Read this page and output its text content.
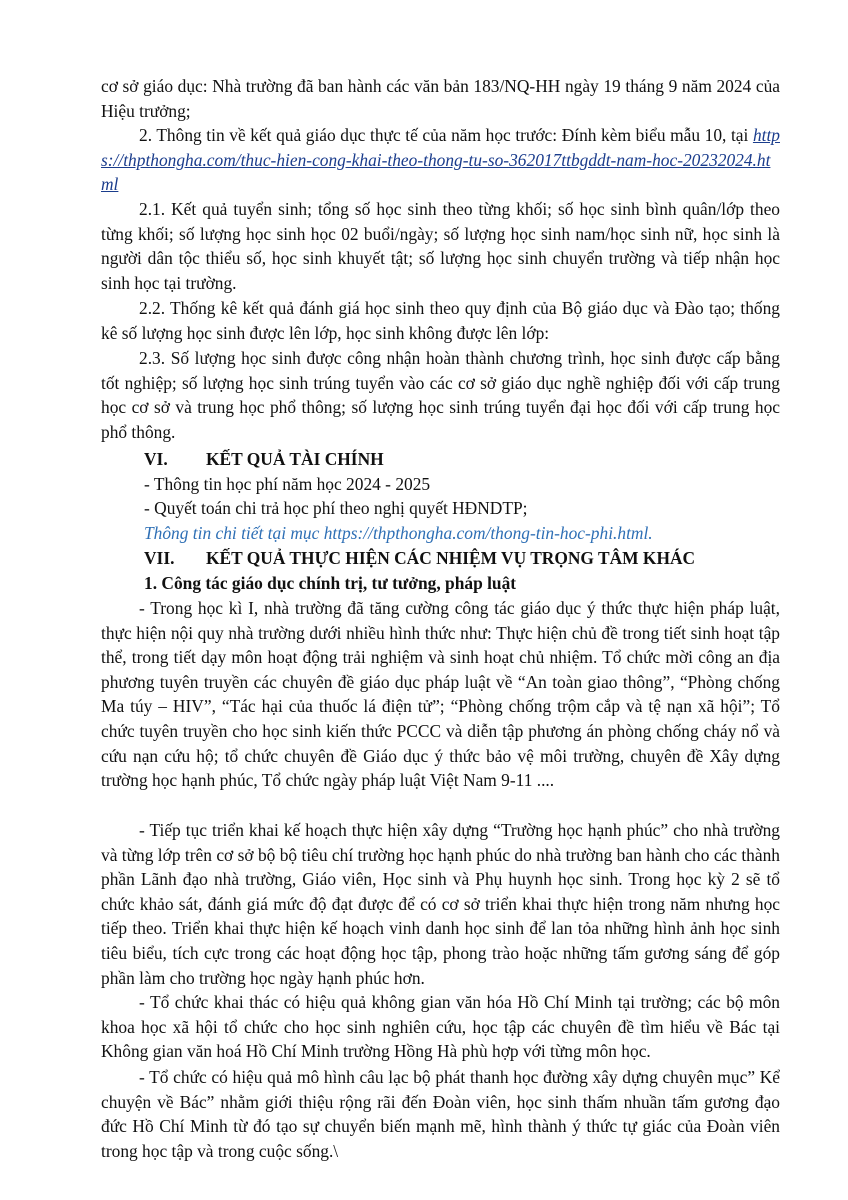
cơ sở giáo dục: Nhà trường đã ban hành các văn bản 183/NQ-HH ngày 19 tháng 9 năm 2024 của Hiệu trưởng;

2. Thông tin về kết quả giáo dục thực tế của năm học trước: Đính kèm biểu mẫu 10, tại https://thpthongha.com/thuc-hien-cong-khai-theo-thong-tu-so-362017ttbgddt-nam-hoc-20232024.html

2.1. Kết quả tuyển sinh; tổng số học sinh theo từng khối; số học sinh bình quân/lớp theo từng khối; số lượng học sinh học 02 buổi/ngày; số lượng học sinh nam/học sinh nữ, học sinh là người dân tộc thiểu số, học sinh khuyết tật; số lượng học sinh chuyển trường và tiếp nhận học sinh học tại trường.

2.2. Thống kê kết quả đánh giá học sinh theo quy định của Bộ giáo dục và Đào tạo; thống kê số lượng học sinh được lên lớp, học sinh không được lên lớp:

2.3. Số lượng học sinh được công nhận hoàn thành chương trình, học sinh được cấp bằng tốt nghiệp; số lượng học sinh trúng tuyển vào các cơ sở giáo dục nghề nghiệp đối với cấp trung học cơ sở và trung học phổ thông; số lượng học sinh trúng tuyển đại học đối với cấp trung học phổ thông.

VI. KẾT QUẢ TÀI CHÍNH
- Thông tin học phí năm học 2024 - 2025
- Quyết toán chi trả học phí theo nghị quyết HĐNDTP;
Thông tin chi tiết tại mục https://thpthongha.com/thong-tin-hoc-phi.html.
VII. KẾT QUẢ THỰC HIỆN CÁC NHIỆM VỤ TRỌNG TÂM KHÁC
1. Công tác giáo dục chính trị, tư tưởng, pháp luật

- Trong học kì I, nhà trường đã tăng cường công tác giáo dục ý thức thực hiện pháp luật, thực hiện nội quy nhà trường dưới nhiều hình thức như: Thực hiện chủ đề trong tiết sinh hoạt tập thể, trong tiết dạy môn hoạt động trải nghiệm và sinh hoạt chủ nhiệm. Tổ chức mời công an địa phương tuyên truyền các chuyên đề giáo dục pháp luật về “An toàn giao thông”, “Phòng chống Ma túy – HIV”, “Tác hại của thuốc lá điện tử”; “Phòng chống trộm cắp và tệ nạn xã hội”; Tổ chức tuyên truyền cho học sinh kiến thức PCCC và diễn tập phương án phòng chống cháy nổ và cứu nạn cứu hộ; tổ chức chuyên đề Giáo dục ý thức bảo vệ môi trường, chuyên đề Xây dựng trường học hạnh phúc, Tổ chức ngày pháp luật Việt Nam 9-11 ....

- Tiếp tục triển khai kế hoạch thực hiện xây dựng “Trường học hạnh phúc” cho nhà trường và từng lớp trên cơ sở bộ bộ tiêu chí trường học hạnh phúc do nhà trường ban hành cho các thành phần Lãnh đạo nhà trường, Giáo viên, Học sinh và Phụ huynh học sinh. Trong học kỳ 2 sẽ tổ chức khảo sát, đánh giá mức độ đạt được để có cơ sở triển khai thực hiện trong năm nhưng học tiếp theo. Triển khai thực hiện kế hoạch vinh danh học sinh để lan tỏa những hình ảnh học sinh tiêu biểu, tích cực trong các hoạt động học tập, phong trào hoặc những tấm gương sáng để góp phần làm cho trường học ngày hạnh phúc hơn.

- Tổ chức khai thác có hiệu quả không gian văn hóa Hồ Chí Minh tại trường; các bộ môn khoa học xã hội tổ chức cho học sinh nghiên cứu, học tập các chuyên đề tìm hiểu về Bác tại Không gian văn hoá Hồ Chí Minh trường Hồng Hà phù hợp với từng môn học.

- Tổ chức có hiệu quả mô hình câu lạc bộ phát thanh học đường xây dựng chuyên mục” Kể chuyện về Bác” nhằm giới thiệu rộng rãi đến Đoàn viên, học sinh thấm nhuần tấm gương đạo đức Hồ Chí Minh từ đó tạo sự chuyển biến mạnh mẽ, hình thành ý thức tự giác của Đoàn viên trong học tập và trong cuộc sống.\
